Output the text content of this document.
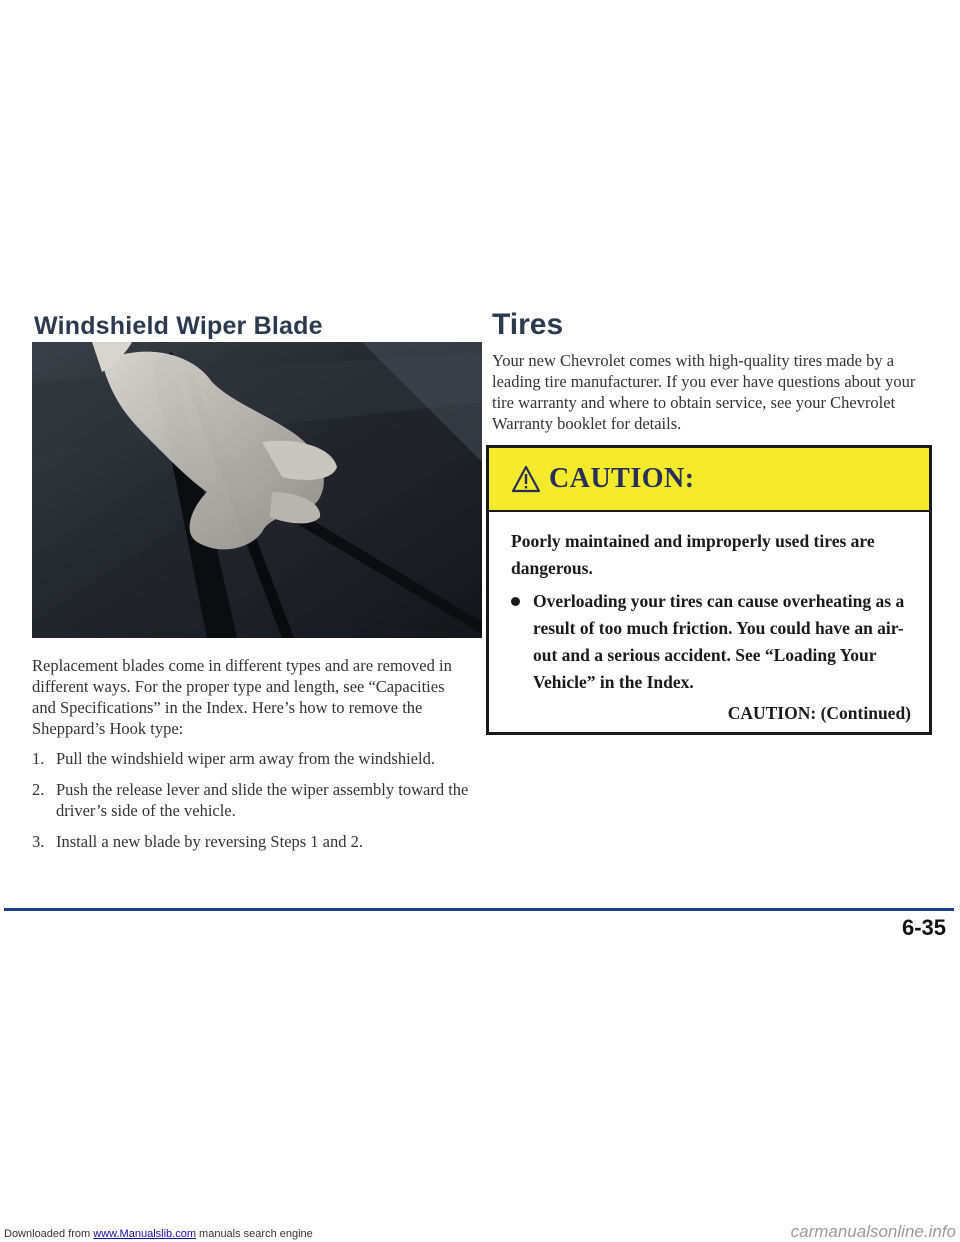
Windshield Wiper Blade
Replacement blades come in different types and are removed in different ways. For the proper type and length, see “Capacities and Specifications” in the Index. Here’s how to remove the Sheppard’s Hook type:
1. Pull the windshield wiper arm away from the windshield.
2. Push the release lever and slide the wiper assembly toward the driver’s side of the vehicle.
3. Install a new blade by reversing Steps 1 and 2.
Tires
Your new Chevrolet comes with high-quality tires made by a leading tire manufacturer. If you ever have questions about your tire warranty and where to obtain service, see your Chevrolet Warranty booklet for details.
CAUTION:
Poorly maintained and improperly used tires are dangerous.
Overloading your tires can cause overheating as a result of too much friction. You could have an air-out and a serious accident. See “Loading Your Vehicle” in the Index.
CAUTION: (Continued)
6-35
Downloaded from www.Manualslib.com manuals search engine	carmanualsonline.info
